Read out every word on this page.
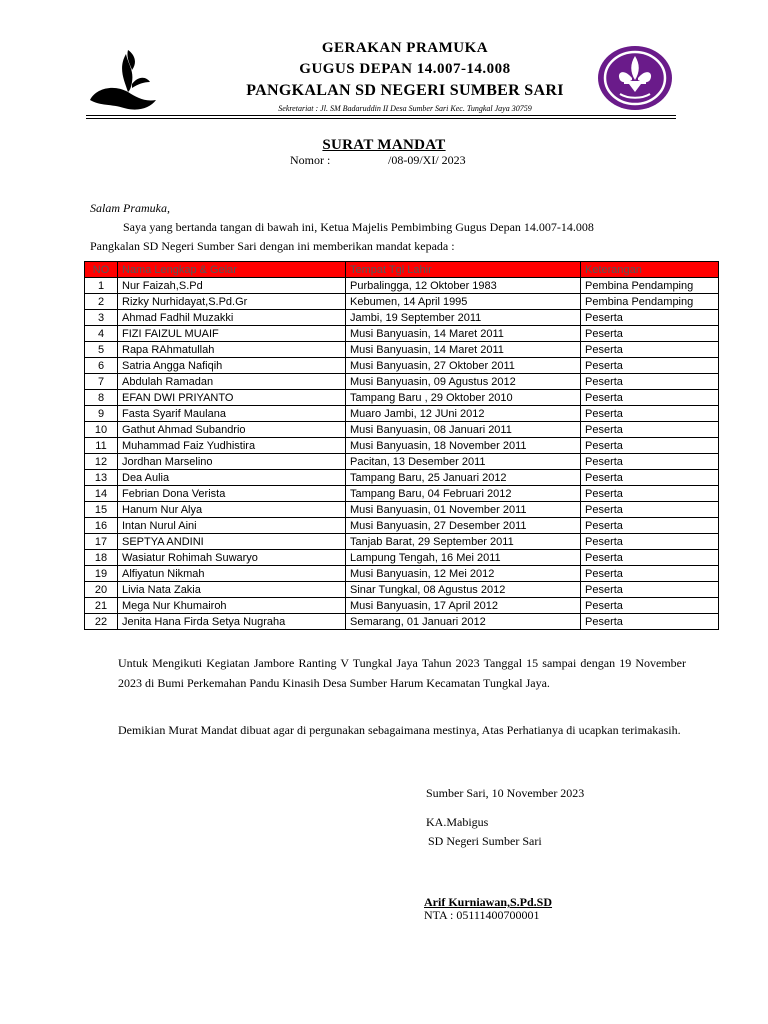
GERAKAN PRAMUKA
GUGUS DEPAN 14.007-14.008
PANGKALAN SD NEGERI SUMBER SARI
Sekretariat : Jl. SM Badaruddin II Desa Sumber Sari Kec. Tungkal Jaya 30759
SURAT MANDAT
Nomor :	/08-09/XI/ 2023
Salam Pramuka,
Saya yang bertanda tangan di bawah ini, Ketua Majelis Pembimbing Gugus Depan 14.007-14.008
Pangkalan SD Negeri Sumber Sari dengan ini memberikan mandat kepada :
NO	Nama Lengkap & Gelar	Tempat Tgl Lahir	Keterangan
1	Nur Faizah,S.Pd	Purbalingga, 12 Oktober 1983	Pembina Pendamping
2	Rizky Nurhidayat,S.Pd.Gr	Kebumen, 14 April 1995	Pembina Pendamping
3	Ahmad Fadhil Muzakki	Jambi, 19 September 2011	Peserta
4	FIZI FAIZUL MUAIF	Musi Banyuasin, 14 Maret 2011	Peserta
5	Rapa RAhmatullah	Musi Banyuasin, 14 Maret 2011	Peserta
6	Satria Angga Nafiqih	Musi Banyuasin, 27 Oktober 2011	Peserta
7	Abdulah Ramadan	Musi Banyuasin, 09 Agustus 2012	Peserta
8	EFAN DWI PRIYANTO	Tampang Baru , 29 Oktober 2010	Peserta
9	Fasta Syarif Maulana	Muaro Jambi, 12 JUni 2012	Peserta
10	Gathut Ahmad Subandrio	Musi Banyuasin, 08 Januari 2011	Peserta
11	Muhammad Faiz Yudhistira	Musi Banyuasin, 18 November 2011	Peserta
12	Jordhan Marselino	Pacitan, 13 Desember 2011	Peserta
13	Dea Aulia	Tampang Baru, 25 Januari 2012	Peserta
14	Febrian Dona Verista	Tampang Baru, 04 Februari 2012	Peserta
15	Hanum Nur Alya	Musi Banyuasin, 01 November 2011	Peserta
16	Intan Nurul Aini	Musi Banyuasin, 27 Desember 2011	Peserta
17	SEPTYA ANDINI	Tanjab Barat, 29 September 2011	Peserta
18	Wasiatur Rohimah Suwaryo	Lampung Tengah, 16 Mei 2011	Peserta
19	Alfiyatun Nikmah	Musi Banyuasin, 12 Mei 2012	Peserta
20	Livia Nata Zakia	Sinar Tungkal, 08 Agustus 2012	Peserta
21	Mega Nur Khumairoh	Musi Banyuasin, 17 April 2012	Peserta
22	Jenita Hana Firda Setya Nugraha	Semarang, 01 Januari 2012	Peserta
Untuk Mengikuti Kegiatan Jambore Ranting V Tungkal Jaya Tahun 2023 Tanggal 15 sampai dengan 19 November 2023 di Bumi Perkemahan Pandu Kinasih Desa Sumber Harum Kecamatan Tungkal Jaya.
Demikian Murat Mandat dibuat agar di pergunakan sebagaimana mestinya, Atas Perhatianya di ucapkan terimakasih.
Sumber Sari, 10 November 2023
KA.Mabigus
SD Negeri Sumber Sari
Arif Kurniawan,S.Pd.SD
NTA : 05111400700001
